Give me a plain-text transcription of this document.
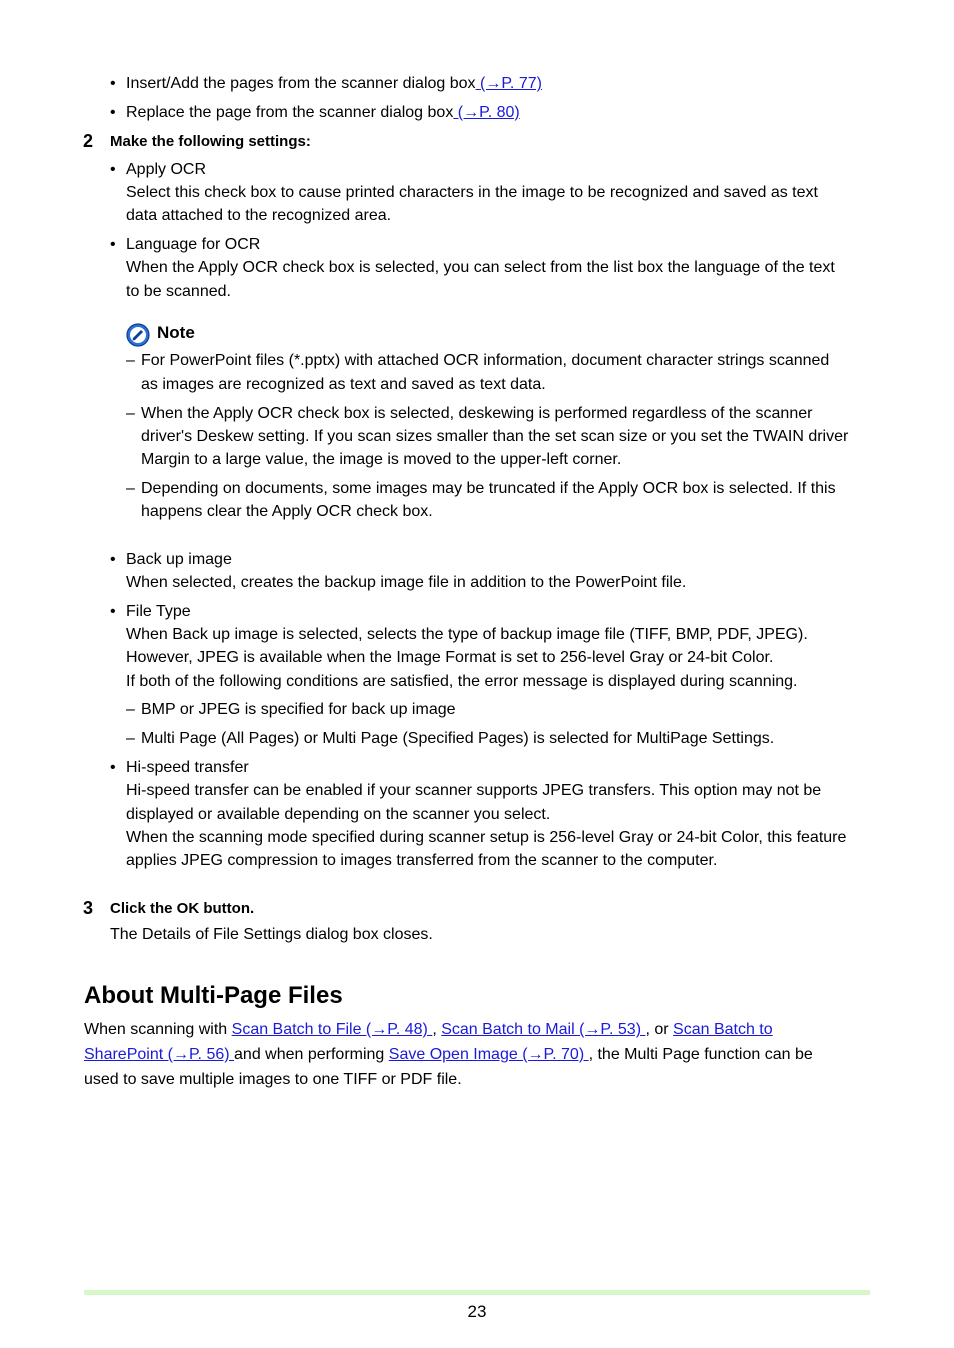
• Insert/Add the pages from the scanner dialog box (→P. 77)
• Replace the page from the scanner dialog box (→P. 80)
2 Make the following settings:
• Apply OCR
Select this check box to cause printed characters in the image to be recognized and saved as text
data attached to the recognized area.
• Language for OCR
When the Apply OCR check box is selected, you can select from the list box the language of the text
to be scanned.
Note
– For PowerPoint files (*.pptx) with attached OCR information, document character strings scanned
as images are recognized as text and saved as text data.
– When the Apply OCR check box is selected, deskewing is performed regardless of the scanner
driver's Deskew setting. If you scan sizes smaller than the set scan size or you set the TWAIN driver
Margin to a large value, the image is moved to the upper-left corner.
– Depending on documents, some images may be truncated if the Apply OCR box is selected. If this
happens clear the Apply OCR check box.
• Back up image
When selected, creates the backup image file in addition to the PowerPoint file.
• File Type
When Back up image is selected, selects the type of backup image file (TIFF, BMP, PDF, JPEG).
However, JPEG is available when the Image Format is set to 256-level Gray or 24-bit Color.
If both of the following conditions are satisfied, the error message is displayed during scanning.
– BMP or JPEG is specified for back up image
– Multi Page (All Pages) or Multi Page (Specified Pages) is selected for MultiPage Settings.
• Hi-speed transfer
Hi-speed transfer can be enabled if your scanner supports JPEG transfers. This option may not be
displayed or available depending on the scanner you select.
When the scanning mode specified during scanner setup is 256-level Gray or 24-bit Color, this feature
applies JPEG compression to images transferred from the scanner to the computer.
3 Click the OK button.
The Details of File Settings dialog box closes.
About Multi-Page Files
When scanning with Scan Batch to File (→P. 48) , Scan Batch to Mail (→P. 53) , or Scan Batch to
SharePoint (→P. 56) and when performing Save Open Image (→P. 70) , the Multi Page function can be
used to save multiple images to one TIFF or PDF file.
23
